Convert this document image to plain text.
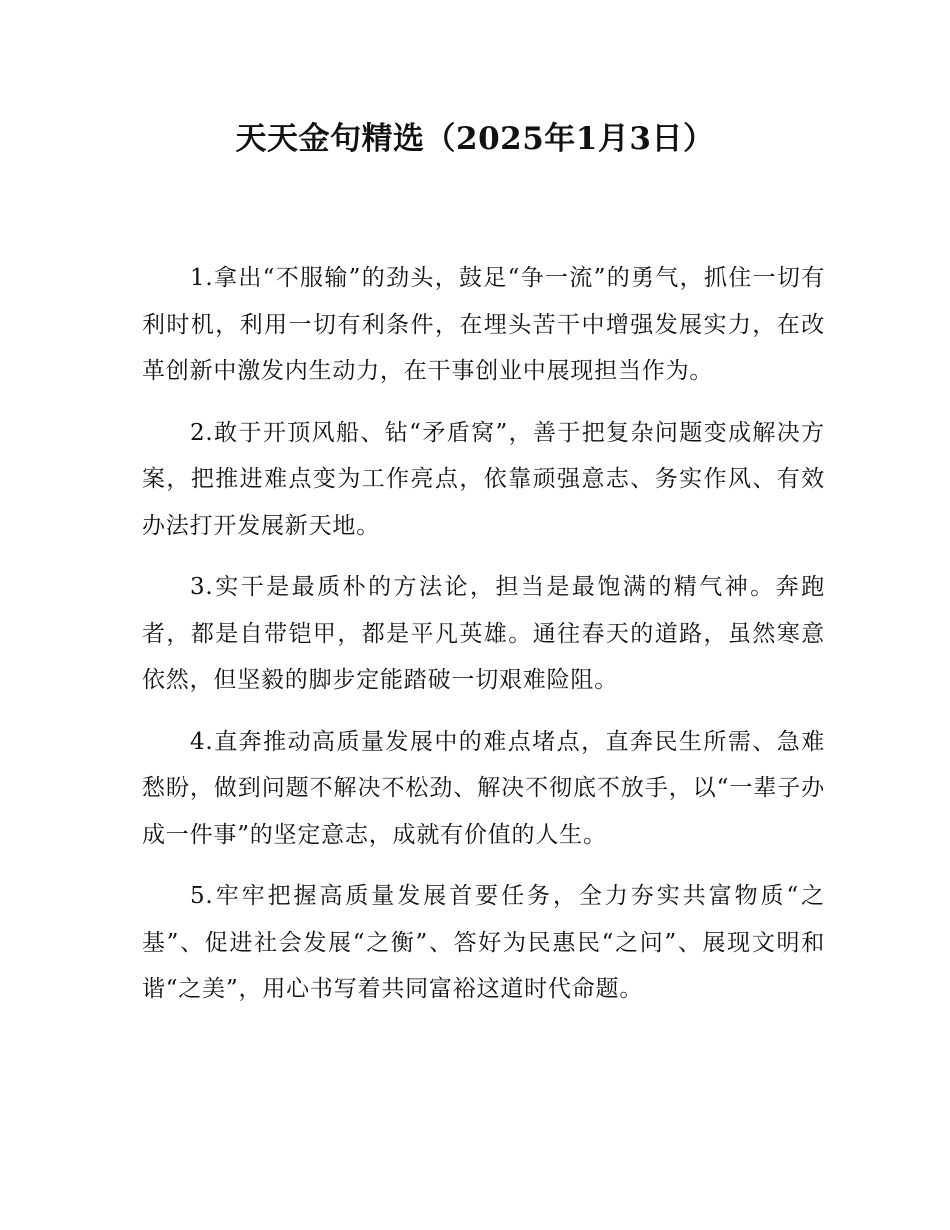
天天金句精选（2025年1月3日）

1.拿出“不服输”的劲头，鼓足“争一流”的勇气，抓住一切有利时机，利用一切有利条件，在埋头苦干中增强发展实力，在改革创新中激发内生动力，在干事创业中展现担当作为。

2.敢于开顶风船、钻“矛盾窝”，善于把复杂问题变成解决方案，把推进难点变为工作亮点，依靠顽强意志、务实作风、有效办法打开发展新天地。

3.实干是最质朴的方法论，担当是最饱满的精气神。奔跑者，都是自带铠甲，都是平凡英雄。通往春天的道路，虽然寒意依然，但坚毅的脚步定能踏破一切艰难险阻。

4.直奔推动高质量发展中的难点堵点，直奔民生所需、急难愁盼，做到问题不解决不松劲、解决不彻底不放手，以“一辈子办成一件事”的坚定意志，成就有价值的人生。

5.牢牢把握高质量发展首要任务，全力夯实共富物质“之基”、促进社会发展“之衡”、答好为民惠民“之问”、展现文明和谐“之美”，用心书写着共同富裕这道时代命题。
